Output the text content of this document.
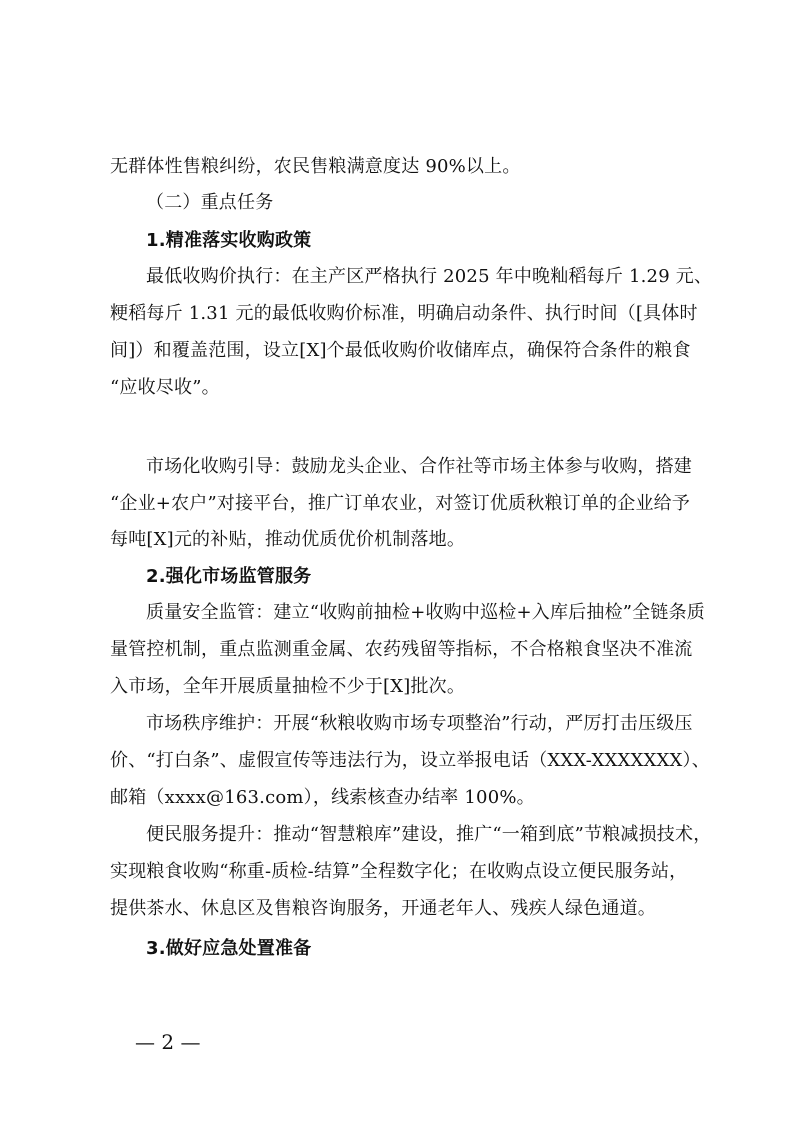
无群体性售粮纠纷，农民售粮满意度达 90%以上。
（二）重点任务
1.精准落实收购政策
最低收购价执行：在主产区严格执行 2025 年中晚籼稻每斤 1.29 元、
粳稻每斤 1.31 元的最低收购价标准，明确启动条件、执行时间（[具体时
间]）和覆盖范围，设立[X]个最低收购价收储库点，确保符合条件的粮食
“应收尽收”。
市场化收购引导：鼓励龙头企业、合作社等市场主体参与收购，搭建
“企业+农户”对接平台，推广订单农业，对签订优质秋粮订单的企业给予
每吨[X]元的补贴，推动优质优价机制落地。
2.强化市场监管服务
质量安全监管：建立“收购前抽检+收购中巡检+入库后抽检”全链条质
量管控机制，重点监测重金属、农药残留等指标，不合格粮食坚决不准流
入市场，全年开展质量抽检不少于[X]批次。
市场秩序维护：开展“秋粮收购市场专项整治”行动，严厉打击压级压
价、“打白条”、虚假宣传等违法行为，设立举报电话（XXX-XXXXXXX）、
邮箱（xxxx@163.com），线索核查办结率 100%。
便民服务提升：推动“智慧粮库”建设，推广“一箱到底”节粮减损技术，
实现粮食收购“称重-质检-结算”全程数字化；在收购点设立便民服务站，
提供茶水、休息区及售粮咨询服务，开通老年人、残疾人绿色通道。
3.做好应急处置准备
— 2 —
